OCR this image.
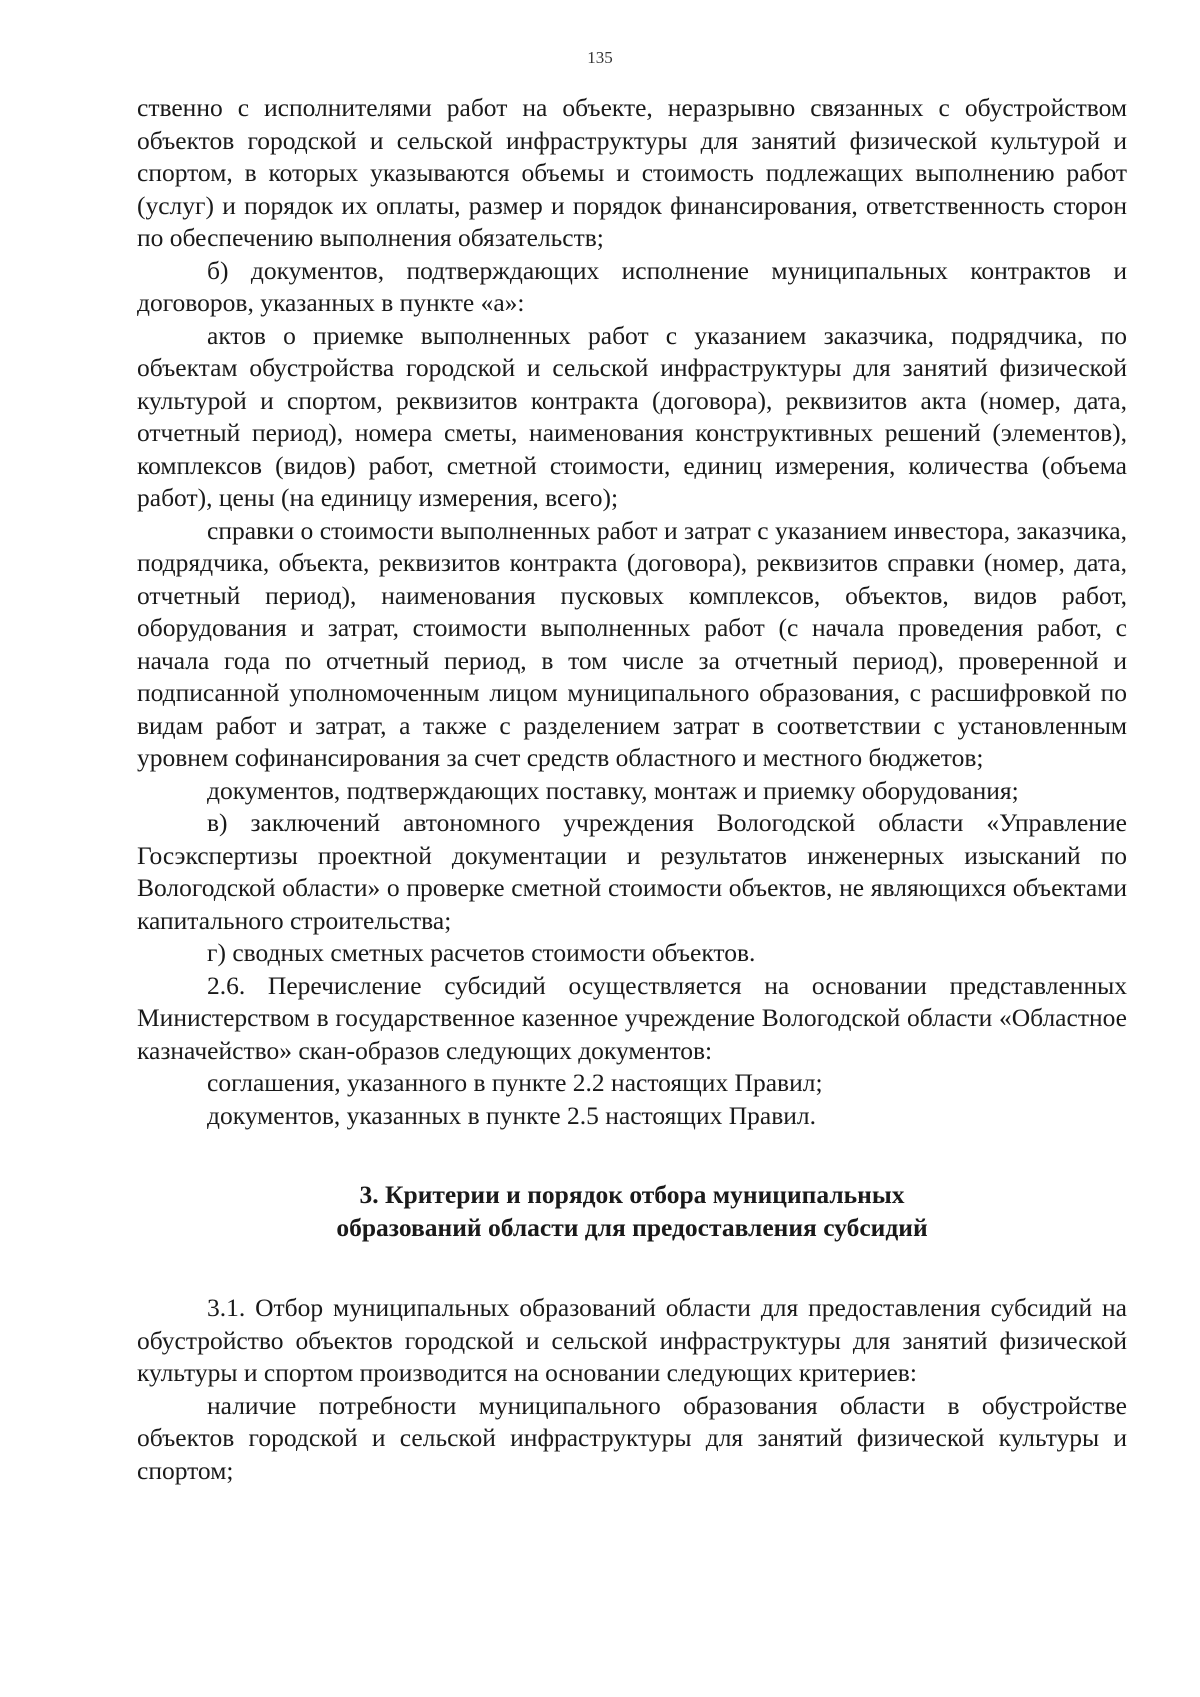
135

ственно с исполнителями работ на объекте, неразрывно связанных с обустройством объектов городской и сельской инфраструктуры для занятий физической культурой и спортом, в которых указываются объемы и стоимость подлежащих выполнению работ (услуг) и порядок их оплаты, размер и порядок финансирования, ответственность сторон по обеспечению выполнения обязательств;

б) документов, подтверждающих исполнение муниципальных контрактов и договоров, указанных в пункте «а»:

актов о приемке выполненных работ с указанием заказчика, подрядчика, по объектам обустройства городской и сельской инфраструктуры для занятий физической культурой и спортом, реквизитов контракта (договора), реквизитов акта (номер, дата, отчетный период), номера сметы, наименования конструктивных решений (элементов), комплексов (видов) работ, сметной стоимости, единиц измерения, количества (объема работ), цены (на единицу измерения, всего);

справки о стоимости выполненных работ и затрат с указанием инвестора, заказчика, подрядчика, объекта, реквизитов контракта (договора), реквизитов справки (номер, дата, отчетный период), наименования пусковых комплексов, объектов, видов работ, оборудования и затрат, стоимости выполненных работ (с начала проведения работ, с начала года по отчетный период, в том числе за отчетный период), проверенной и подписанной уполномоченным лицом муниципального образования, с расшифровкой по видам работ и затрат, а также с разделением затрат в соответствии с установленным уровнем софинансирования за счет средств областного и местного бюджетов;

документов, подтверждающих поставку, монтаж и приемку оборудования;

в) заключений автономного учреждения Вологодской области «Управление Госэкспертизы проектной документации и результатов инженерных изысканий по Вологодской области» о проверке сметной стоимости объектов, не являющихся объектами капитального строительства;

г) сводных сметных расчетов стоимости объектов.

2.6. Перечисление субсидий осуществляется на основании представленных Министерством в государственное казенное учреждение Вологодской области «Областное казначейство» скан-образов следующих документов:

соглашения, указанного в пункте 2.2 настоящих Правил;

документов, указанных в пункте 2.5 настоящих Правил.

3. Критерии и порядок отбора муниципальных
образований области для предоставления субсидий

3.1. Отбор муниципальных образований области для предоставления субсидий на обустройство объектов городской и сельской инфраструктуры для занятий физической культуры и спортом производится на основании следующих критериев:

наличие потребности муниципального образования области в обустройстве объектов городской и сельской инфраструктуры для занятий физической культуры и спортом;
